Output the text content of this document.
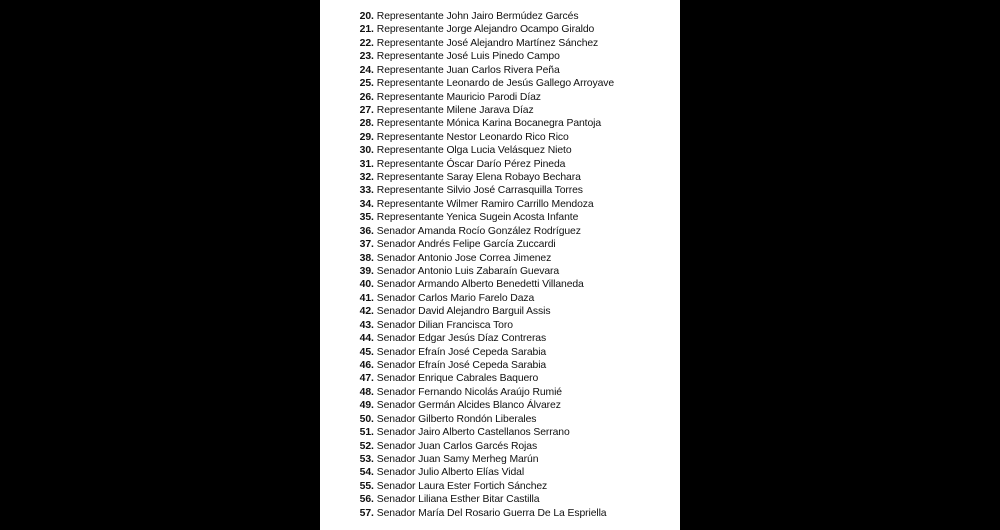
20. Representante John Jairo Bermúdez Garcés
21. Representante Jorge Alejandro Ocampo Giraldo
22. Representante José Alejandro Martínez Sánchez
23. Representante José Luis Pinedo Campo
24. Representante Juan Carlos Rivera Peña
25. Representante Leonardo de Jesús Gallego Arroyave
26. Representante Mauricio Parodi Díaz
27. Representante Milene Jarava Díaz
28. Representante Mónica Karina Bocanegra Pantoja
29. Representante Nestor Leonardo Rico Rico
30. Representante Olga Lucia Velásquez Nieto
31. Representante Óscar Darío Pérez Pineda
32. Representante Saray Elena Robayo Bechara
33. Representante Silvio José Carrasquilla Torres
34. Representante Wilmer Ramiro Carrillo Mendoza
35. Representante Yenica Sugein Acosta Infante
36. Senador Amanda Rocío González Rodríguez
37. Senador Andrés Felipe García Zuccardi
38. Senador Antonio Jose Correa Jimenez
39. Senador Antonio Luis Zabaraín Guevara
40. Senador Armando Alberto Benedetti Villaneda
41. Senador Carlos Mario Farelo Daza
42. Senador David Alejandro Barguil Assis
43. Senador Dilian Francisca Toro
44. Senador Edgar Jesús Díaz Contreras
45. Senador Efraín José Cepeda Sarabia
46. Senador Efraín José Cepeda Sarabia
47. Senador Enrique Cabrales Baquero
48. Senador Fernando Nicolás Araújo Rumié
49. Senador Germán Alcides Blanco Álvarez
50. Senador Gilberto Rondón Liberales
51. Senador Jairo Alberto Castellanos Serrano
52. Senador Juan Carlos Garcés Rojas
53. Senador Juan Samy Merheg Marún
54. Senador Julio Alberto Elías Vidal
55. Senador Laura Ester Fortich Sánchez
56. Senador Liliana Esther Bitar Castilla
57. Senador María Del Rosario Guerra De La Espriella
